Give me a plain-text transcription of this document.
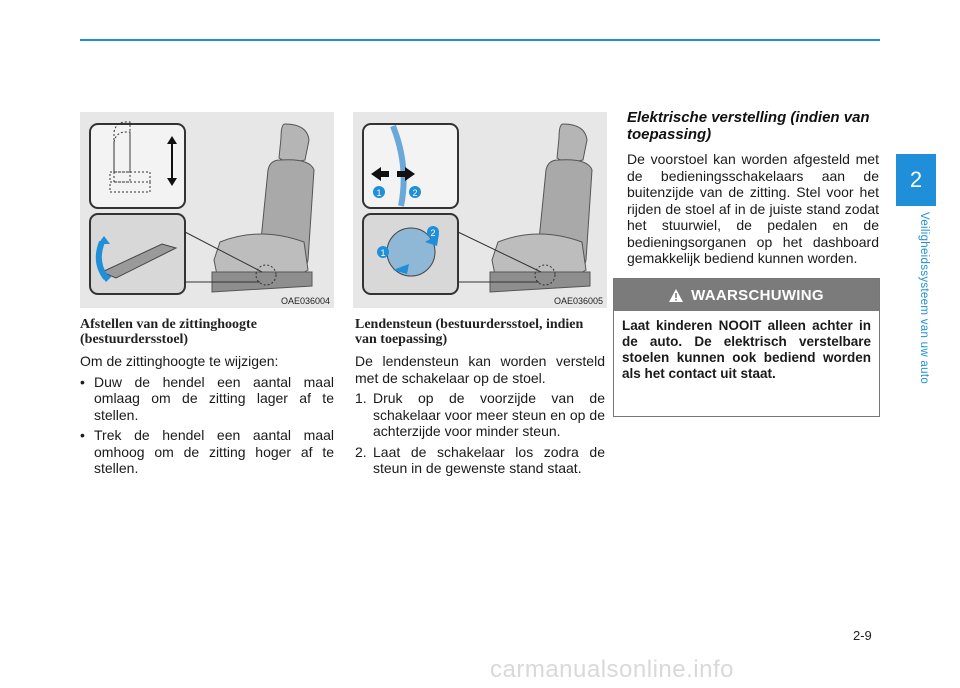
2
Veiligheidssysteem van uw auto
OAE036004
1	2
1
2
OAE036005
Afstellen van de zittinghoogte (bestuurdersstoel)

Om de zittinghoogte te wijzigen:

• Duw de hendel een aantal maal omlaag om de zitting lager af te stellen.
• Trek de hendel een aantal maal omhoog om de zitting hoger af te stellen.
Lendensteun (bestuurdersstoel, indien van toepassing)

De lendensteun kan worden versteld met de schakelaar op de stoel.

1. Druk op de voorzijde van de schakelaar voor meer steun en op de achterzijde voor minder steun.
2. Laat de schakelaar los zodra de steun in de gewenste stand staat.
Elektrische verstelling (indien van toepassing)

De voorstoel kan worden afgesteld met de bedieningsschakelaars aan de buitenzijde van de zitting. Stel voor het rijden de stoel af in de juiste stand zodat het stuurwiel, de pedalen en de bedieningsorganen op het dashboard gemakkelijk bediend kunnen worden.

WAARSCHUWING
Laat kinderen NOOIT alleen achter in de auto. De elektrisch verstelbare stoelen kunnen ook bediend worden als het contact uit staat.
2-9
carmanualsonline.info
